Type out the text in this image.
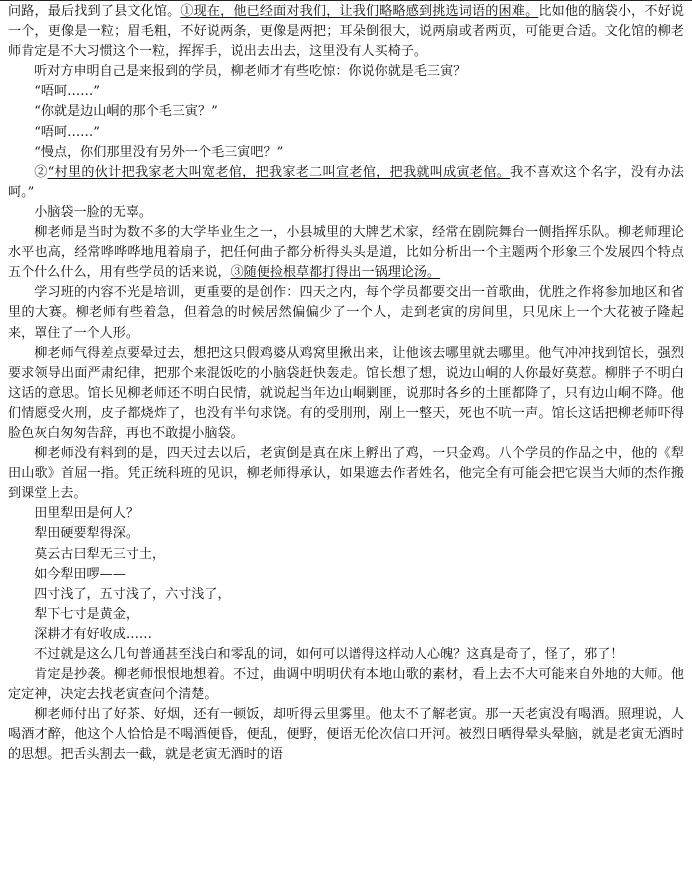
问路，最后找到了县文化馆。①现在，他已经面对我们，让我们略略感到挑选词语的困难。比如他的脑袋小，不好说一个，更像是一粒；眉毛粗，不好说两条，更像是两把；耳朵倒很大，说两扇或者两页，可能更合适。文化馆的柳老师肯定是不大习惯这个一粒，挥挥手，说出去出去，这里没有人买椅子。

听对方申明自己是来报到的学员，柳老师才有些吃惊：你说你就是毛三寅？

“唔呵……”

“你就是边山峒的那个毛三寅？”

“唔呵……”

“慢点，你们那里没有另外一个毛三寅吧？”

②“村里的伙计把我家老大叫宽老倌，把我家老二叫宣老倌，把我就叫成寅老倌。我不喜欢这个名字，没有办法呵。”

小脑袋一脸的无辜。

柳老师是当时为数不多的大学毕业生之一，小县城里的大牌艺术家，经常在剧院舞台一侧指挥乐队。柳老师理论水平也高，经常哗哗哗地甩着扇子，把任何曲子都分析得头头是道，比如分析出一个主题两个形象三个发展四个特点五个什么什么，用有些学员的话来说，③随便捡根草都打得出一锅理论汤。

学习班的内容不光是培训，更重要的是创作：四天之内，每个学员都要交出一首歌曲，优胜之作将参加地区和省里的大赛。柳老师有些着急，但着急的时候居然偏偏少了一个人，走到老寅的房间里，只见床上一个大花被子隆起来，罩住了一个人形。

柳老师气得差点要晕过去，想把这只假鸡婆从鸡窝里揪出来，让他该去哪里就去哪里。他气冲冲找到馆长，强烈要求领导出面严肃纪律，把那个来混饭吃的小脑袋赶快轰走。馆长想了想，说边山峒的人你最好莫惹。柳胖子不明白这话的意思。馆长见柳老师还不明白民情，就说起当年边山峒剿匪，说那时各乡的土匪都降了，只有边山峒不降。他们情愿受火刑，皮子都烧炸了，也没有半句求饶。有的受刖刑，剐上一整天，死也不吭一声。馆长这话把柳老师吓得脸色灰白匆匆告辞，再也不敢提小脑袋。

柳老师没有料到的是，四天过去以后，老寅倒是真在床上孵出了鸡，一只金鸡。八个学员的作品之中，他的《犁田山歌》首屈一指。凭正统科班的见识，柳老师得承认，如果遮去作者姓名，他完全有可能会把它误当大师的杰作搬到课堂上去。

田里犁田是何人？

犁田硬要犁得深。

莫云古曰犁无三寸土，

如今犁田啰——

四寸浅了，五寸浅了，六寸浅了，

犁下七寸是黄金，

深耕才有好收成……

不过就是这么几句普通甚至浅白和零乱的词，如何可以谱得这样动人心魄？这真是奇了，怪了，邪了！

肯定是抄袭。柳老师恨恨地想着。不过，曲调中明明伏有本地山歌的素材，看上去不大可能来自外地的大师。他定定神，决定去找老寅查问个清楚。

柳老师付出了好茶、好烟，还有一顿饭，却听得云里雾里。他太不了解老寅。那一天老寅没有喝酒。照理说，人喝酒才醉，他这个人恰恰是不喝酒便昏，便乱，便野，便语无伦次信口开河。被烈日晒得晕头晕脑，就是老寅无酒时的思想。把舌头割去一截，就是老寅无酒时的语
